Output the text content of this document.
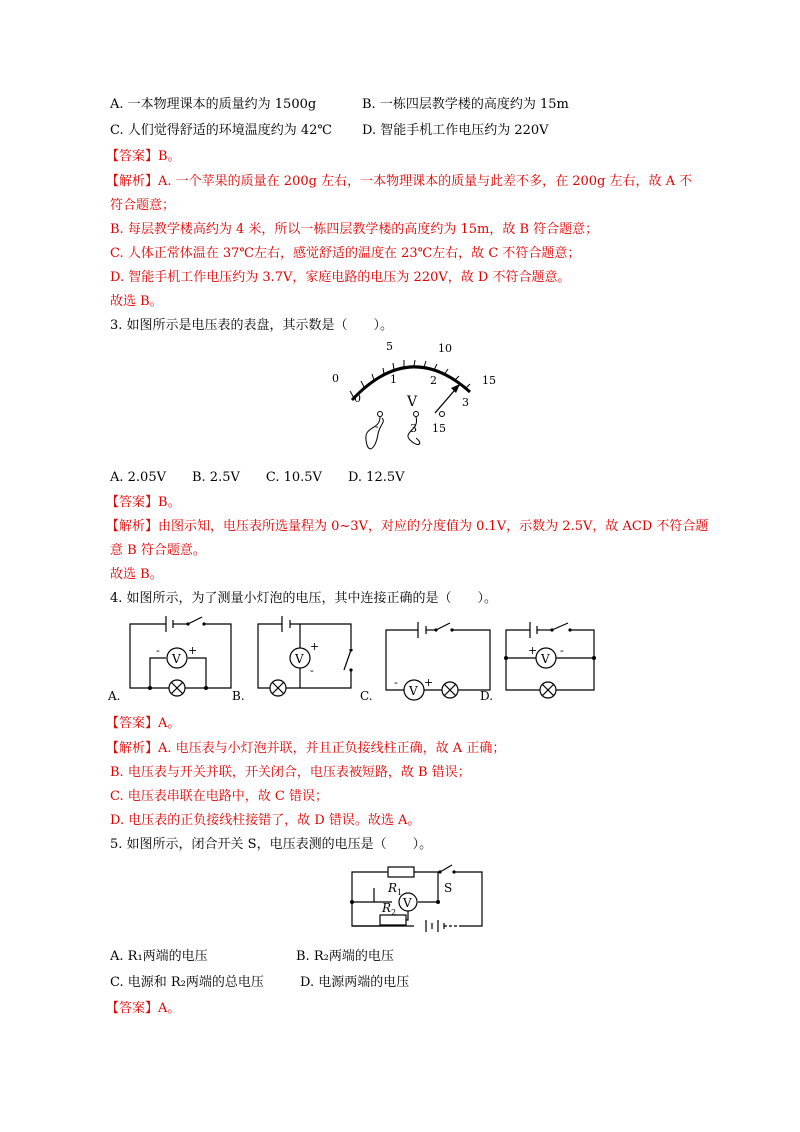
A. 一本物理课本的质量约为 1500g	B. 一栋四层教学楼的高度约为 15m
C. 人们觉得舒适的环境温度约为 42℃ D. 智能手机工作电压约为 220V
【答案】B。
【解析】A. 一个苹果的质量在 200g 左右，一本物理课本的质量与此差不多，在 200g 左右，故 A 不
符合题意；
B. 每层教学楼高约为 4 米，所以一栋四层教学楼的高度约为 15m，故 B 符合题意；
C. 人体正常体温在 37℃左右，感觉舒适的温度在 23℃左右，故 C 不符合题意；
D. 智能手机工作电压约为 3.7V，家庭电路的电压为 220V，故 D 不符合题意。
故选 B。
3. 如图所示是电压表的表盘，其示数是（　　）。
0
5	10
15
0
1	2
3
V
-	3 15
A. 2.05V　　B. 2.5V　　C. 10.5V　　D. 12.5V
【答案】B。
【解析】由图示知，电压表所选量程为 0~3V，对应的分度值为 0.1V，示数为 2.5V，故 ACD 不符合题
意 B 符合题意。
故选 B。
4. 如图所示，为了测量小灯泡的电压，其中连接正确的是（　　）。
V
-	+
A.
V
+
-
B.	V
- +
C.
V
+ -
D.
【答案】A。
【解析】A. 电压表与小灯泡并联，并且正负接线柱正确，故 A 正确；
B. 电压表与开关并联，开关闭合，电压表被短路，故 B 错误；
C. 电压表串联在电路中，故 C 错误；
D. 电压表的正负接线柱接错了，故 D 错误。故选 A。
5. 如图所示，闭合开关 S，电压表测的电压是（　　）。
$R_1$
$R_2$
S
V
A. R₁两端的电压	B. R₂两端的电压
C. 电源和 R₂两端的总电压	D. 电源两端的电压
【答案】A。
